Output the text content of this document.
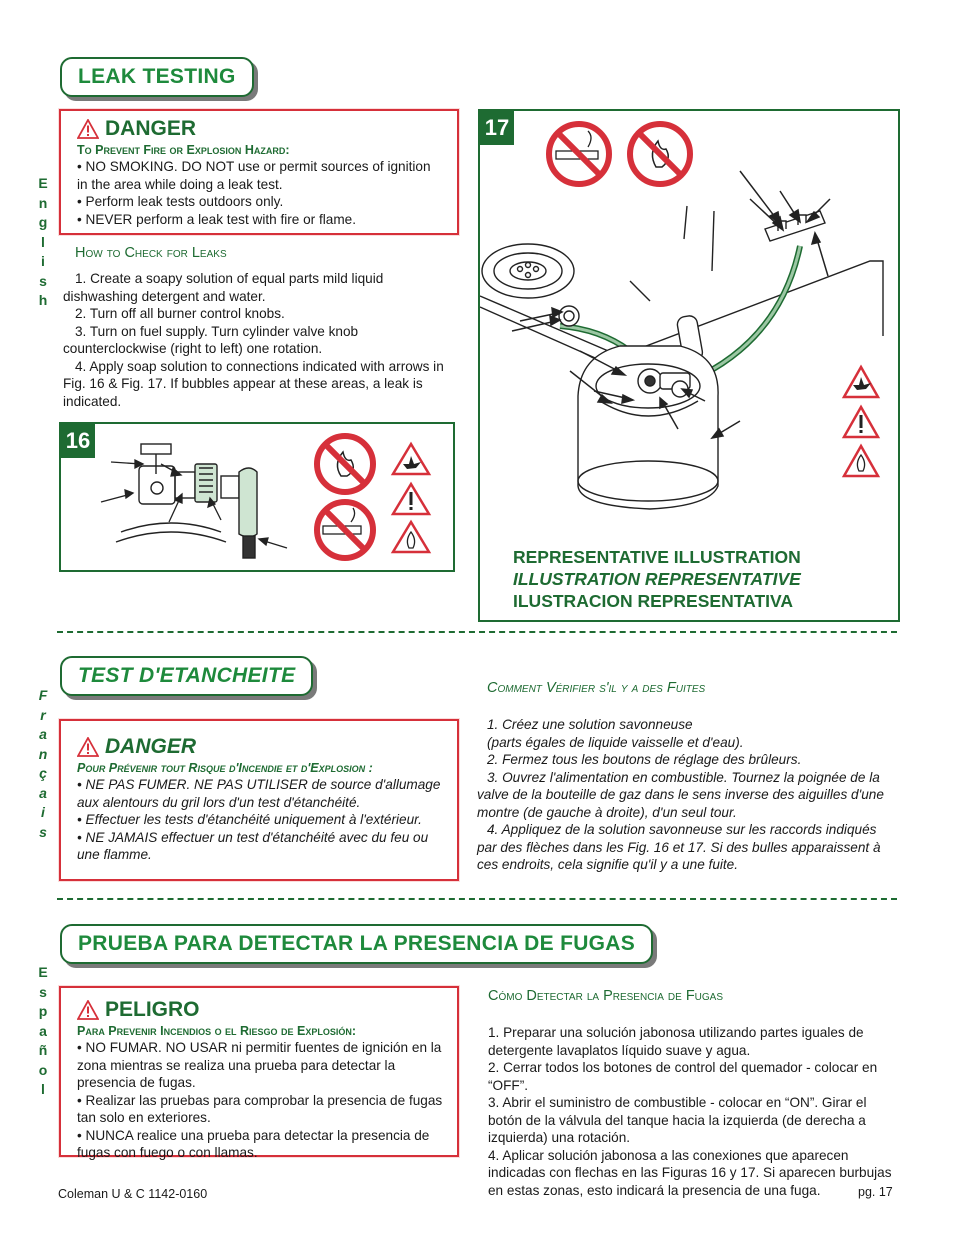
LEAK TESTING
E
n
g
l
i
s
h
DANGER
To Prevent Fire or Explosion Hazard:
• NO SMOKING. DO NOT use or permit sources of ignition in the area while doing a leak test.
• Perform leak tests outdoors only.
• NEVER perform a leak test with fire or flame.
How to Check for Leaks
1. Create a soapy solution of equal parts mild liquid dishwashing detergent and water.
2. Turn off all burner control knobs.
3. Turn on fuel supply. Turn cylinder valve knob counterclockwise (right to left) one rotation.
4. Apply soap solution to connections indicated with arrows in Fig. 16 & Fig. 17. If bubbles appear at these areas, a leak is indicated.
16
17
REPRESENTATIVE ILLUSTRATION
ILLUSTRATION REPRESENTATIVE
ILUSTRACION REPRESENTATIVA
TEST D'ETANCHEITE
F
r
a
n
ç
a
i
s
DANGER
Pour Prévenir tout Risque d'Incendie et d'Explosion :
• NE PAS FUMER. NE PAS UTILISER de source d'allumage aux alentours du gril lors d'un test d'étanchéité.
• Effectuer les tests d'étanchéité uniquement à l'extérieur.
• NE JAMAIS effectuer un test d'étanchéité avec du feu ou une flamme.
Comment Vérifier s'il y a des Fuites
1. Créez une solution savonneuse
(parts égales de liquide vaisselle et d'eau).
2. Fermez tous les boutons de réglage des brûleurs.
3. Ouvrez l'alimentation en combustible. Tournez la poignée de la valve de la bouteille de gaz dans le sens inverse des aiguilles d'une montre (de gauche à droite), d'un seul tour.
4. Appliquez de la solution savonneuse sur les raccords indiqués par des flèches dans les Fig. 16 et 17. Si des bulles apparaissent à ces endroits, cela signifie qu'il y a une fuite.
PRUEBA PARA DETECTAR LA PRESENCIA DE FUGAS
E
s
p
a
ñ
o
l
PELIGRO
Para Prevenir Incendios o el Riesgo de Explosión:
• NO FUMAR. NO USAR ni permitir fuentes de ignición en la zona mientras se realiza una prueba para detectar la presencia de fugas.
• Realizar las pruebas para comprobar la presencia de fugas tan solo en exteriores.
• NUNCA realice una prueba para detectar la presencia de fugas con fuego o con llamas.
Cómo Detectar la Presencia de Fugas
1. Preparar una solución jabonosa utilizando partes iguales de detergente lavaplatos líquido suave y agua.
2. Cerrar todos los botones de control del quemador - colocar en “OFF”.
3. Abrir el suministro de combustible - colocar en “ON”. Girar el botón de la válvula del tanque hacia la izquierda (de derecha a izquierda) una rotación.
4. Aplicar solución jabonosa a las conexiones que aparecen indicadas con flechas en las Figuras 16 y 17. Si aparecen burbujas en estas zonas, esto indicará la presencia de una fuga.
Coleman U & C 1142-0160	pg. 17
